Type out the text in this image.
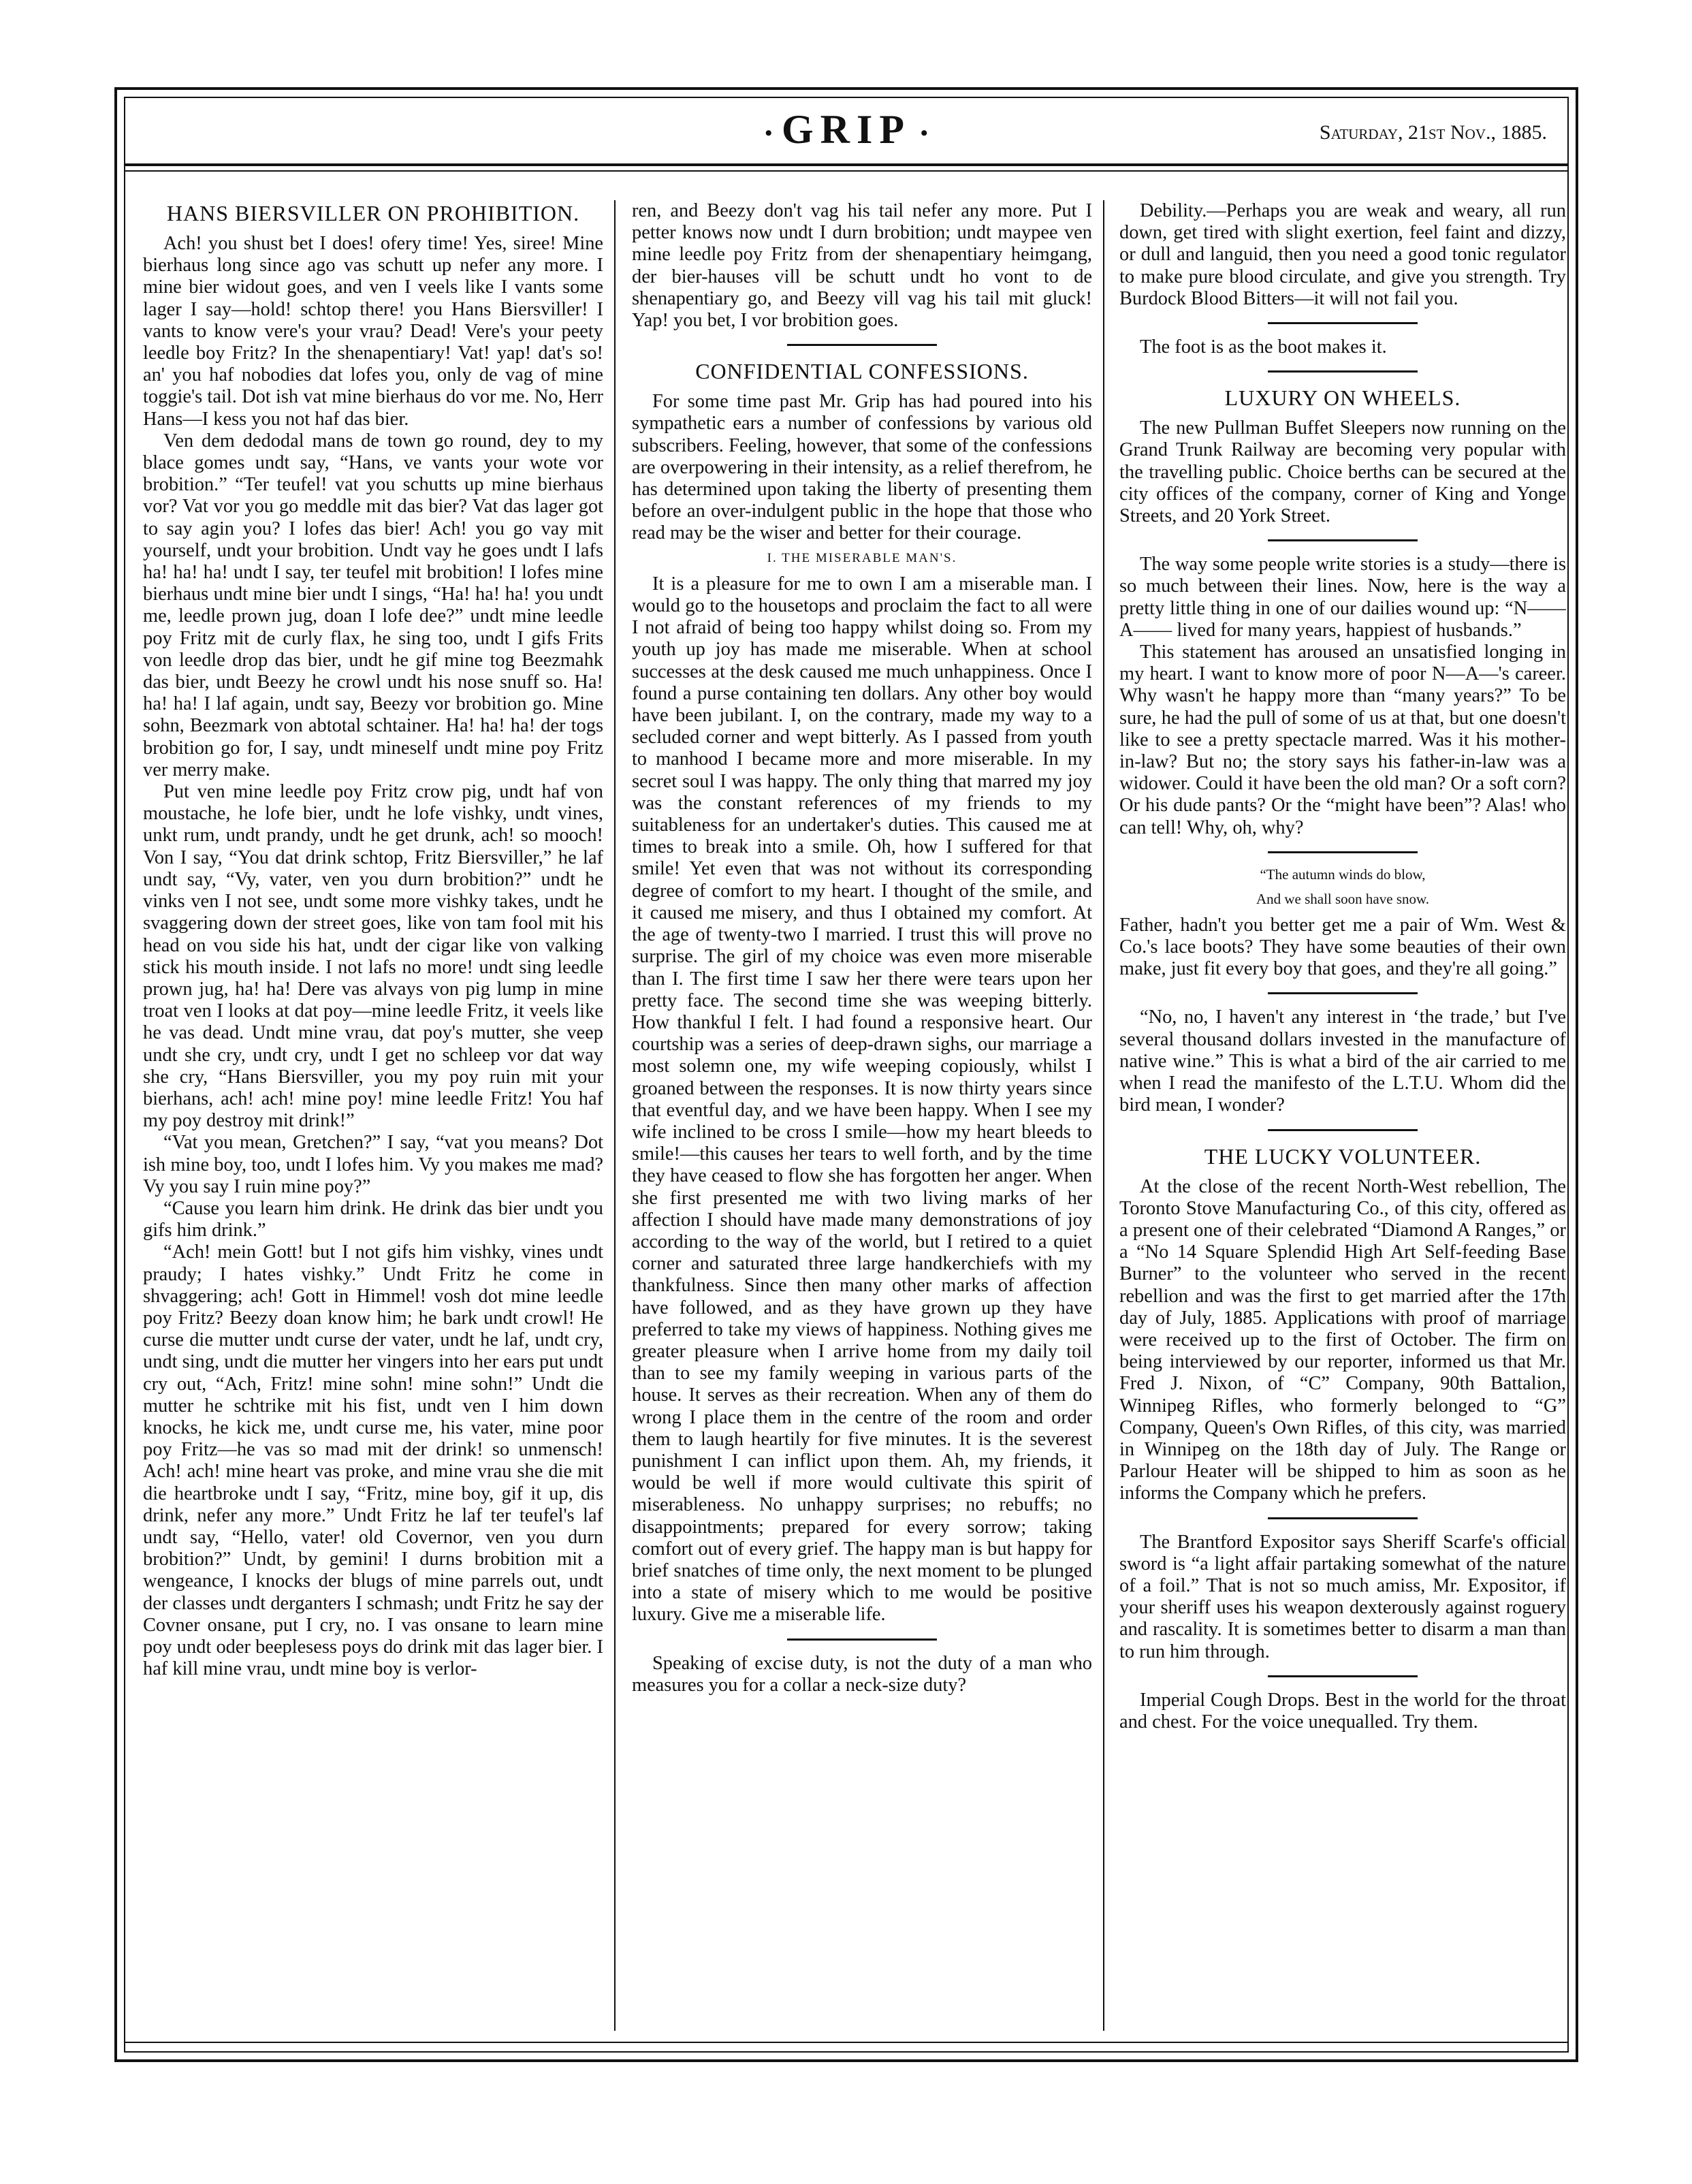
• GRIP •	Saturday, 21st Nov., 1885.
HANS BIERSVILLER ON PROHIBITION.

Ach! you shust bet I does! ofery time! Yes, siree! Mine bierhaus long since ago vas schutt up nefer any more. I mine bier widout goes, and ven I veels like I vants some lager I say—hold! schtop there! you Hans Biersviller! I vants to know vere's your vrau? Dead! Vere's your peety leedle boy Fritz? In the shenapentiary! Vat! yap! dat's so! an' you haf nobodies dat lofes you, only de vag of mine toggie's tail. Dot ish vat mine bierhaus do vor me. No, Herr Hans—I kess you not haf das bier.

Ven dem dedodal mans de town go round, dey to my blace gomes undt say, “Hans, ve vants your wote vor brobition.” “Ter teufel! vat you schutts up mine bierhaus vor? Vat vor you go meddle mit das bier? Vat das lager got to say agin you? I lofes das bier! Ach! you go vay mit yourself, undt your brobition. Undt vay he goes undt I lafs ha! ha! ha! undt I say, ter teufel mit brobition! I lofes mine bierhaus undt mine bier undt I sings, “Ha! ha! ha! you undt me, leedle prown jug, doan I lofe dee?” undt mine leedle poy Fritz mit de curly flax, he sing too, undt I gifs Frits von leedle drop das bier, undt he gif mine tog Beezmahk das bier, undt Beezy he crowl undt his nose snuff so. Ha! ha! ha! I laf again, undt say, Beezy vor brobition go. Mine sohn, Beezmark von abtotal schtainer. Ha! ha! ha! der togs brobition go for, I say, undt mineself undt mine poy Fritz ver merry make.

Put ven mine leedle poy Fritz crow pig, undt haf von moustache, he lofe bier, undt he lofe vishky, undt vines, unkt rum, undt prandy, undt he get drunk, ach! so mooch! Von I say, “You dat drink schtop, Fritz Biersviller,” he laf undt say, “Vy, vater, ven you durn brobition?” undt he vinks ven I not see, undt some more vishky takes, undt he svaggering down der street goes, like von tam fool mit his head on vou side his hat, undt der cigar like von valking stick his mouth inside. I not lafs no more! undt sing leedle prown jug, ha! ha! Dere vas alvays von pig lump in mine troat ven I looks at dat poy—mine leedle Fritz, it veels like he vas dead. Undt mine vrau, dat poy's mutter, she veep undt she cry, undt cry, undt I get no schleep vor dat way she cry, “Hans Biersviller, you my poy ruin mit your bierhans, ach! ach! mine poy! mine leedle Fritz! You haf my poy destroy mit drink!”

“Vat you mean, Gretchen?” I say, “vat you means? Dot ish mine boy, too, undt I lofes him. Vy you makes me mad? Vy you say I ruin mine poy?”

“Cause you learn him drink. He drink das bier undt you gifs him drink.”

“Ach! mein Gott! but I not gifs him vishky, vines undt praudy; I hates vishky.” Undt Fritz he come in shvaggering; ach! Gott in Himmel! vosh dot mine leedle poy Fritz? Beezy doan know him; he bark undt crowl! He curse die mutter undt curse der vater, undt he laf, undt cry, undt sing, undt die mutter her vingers into her ears put undt cry out, “Ach, Fritz! mine sohn! mine sohn!” Undt die mutter he schtrike mit his fist, undt ven I him down knocks, he kick me, undt curse me, his vater, mine poor poy Fritz—he vas so mad mit der drink! so unmensch! Ach! ach! mine heart vas proke, and mine vrau she die mit die heartbroke undt I say, “Fritz, mine boy, gif it up, dis drink, nefer any more.” Undt Fritz he laf ter teufel's laf undt say, “Hello, vater! old Covernor, ven you durn brobition?” Undt, by gemini! I durns brobition mit a wengeance, I knocks der blugs of mine parrels out, undt der classes undt derganters I schmash; undt Fritz he say der Covner onsane, put I cry, no. I vas onsane to learn mine poy undt oder beeplesess poys do drink mit das lager bier. I haf kill mine vrau, undt mine boy is verlor-

ren, and Beezy don't vag his tail nefer any more. Put I petter knows now undt I durn brobition; undt maypee ven mine leedle poy Fritz from der shenapentiary heimgang, der bier-hauses vill be schutt undt ho vont to de shenapentiary go, and Beezy vill vag his tail mit gluck! Yap! you bet, I vor brobition goes.

CONFIDENTIAL CONFESSIONS.

For some time past Mr. Grip has had poured into his sympathetic ears a number of confessions by various old subscribers. Feeling, however, that some of the confessions are overpowering in their intensity, as a relief therefrom, he has determined upon taking the liberty of presenting them before an over-indulgent public in the hope that those who read may be the wiser and better for their courage.

I. THE MISERABLE MAN'S.

It is a pleasure for me to own I am a miserable man. I would go to the housetops and proclaim the fact to all were I not afraid of being too happy whilst doing so. From my youth up joy has made me miserable. When at school successes at the desk caused me much unhappiness. Once I found a purse containing ten dollars. Any other boy would have been jubilant. I, on the contrary, made my way to a secluded corner and wept bitterly. As I passed from youth to manhood I became more and more miserable. In my secret soul I was happy. The only thing that marred my joy was the constant references of my friends to my suitableness for an undertaker's duties. This caused me at times to break into a smile. Oh, how I suffered for that smile! Yet even that was not without its corresponding degree of comfort to my heart. I thought of the smile, and it caused me misery, and thus I obtained my comfort. At the age of twenty-two I married. I trust this will prove no surprise. The girl of my choice was even more miserable than I. The first time I saw her there were tears upon her pretty face. The second time she was weeping bitterly. How thankful I felt. I had found a responsive heart. Our courtship was a series of deep-drawn sighs, our marriage a most solemn one, my wife weeping copiously, whilst I groaned between the responses. It is now thirty years since that eventful day, and we have been happy. When I see my wife inclined to be cross I smile—how my heart bleeds to smile!—this causes her tears to well forth, and by the time they have ceased to flow she has forgotten her anger. When she first presented me with two living marks of her affection I should have made many demonstrations of joy according to the way of the world, but I retired to a quiet corner and saturated three large handkerchiefs with my thankfulness. Since then many other marks of affection have followed, and as they have grown up they have preferred to take my views of happiness. Nothing gives me greater pleasure when I arrive home from my daily toil than to see my family weeping in various parts of the house. It serves as their recreation. When any of them do wrong I place them in the centre of the room and order them to laugh heartily for five minutes. It is the severest punishment I can inflict upon them. Ah, my friends, it would be well if more would cultivate this spirit of miserableness. No unhappy surprises; no rebuffs; no disappointments; prepared for every sorrow; taking comfort out of every grief. The happy man is but happy for brief snatches of time only, the next moment to be plunged into a state of misery which to me would be positive luxury. Give me a miserable life.

Speaking of excise duty, is not the duty of a man who measures you for a collar a neck-size duty?

Debility.—Perhaps you are weak and weary, all run down, get tired with slight exertion, feel faint and dizzy, or dull and languid, then you need a good tonic regulator to make pure blood circulate, and give you strength. Try Burdock Blood Bitters—it will not fail you.

The foot is as the boot makes it.

LUXURY ON WHEELS.

The new Pullman Buffet Sleepers now running on the Grand Trunk Railway are becoming very popular with the travelling public. Choice berths can be secured at the city offices of the company, corner of King and Yonge Streets, and 20 York Street.

The way some people write stories is a study—there is so much between their lines. Now, here is the way a pretty little thing in one of our dailies wound up: “N——A—— lived for many years, happiest of husbands.”

This statement has aroused an unsatisfied longing in my heart. I want to know more of poor N—A—'s career. Why wasn't he happy more than “many years?” To be sure, he had the pull of some of us at that, but one doesn't like to see a pretty spectacle marred. Was it his mother-in-law? But no; the story says his father-in-law was a widower. Could it have been the old man? Or a soft corn? Or his dude pants? Or the “might have been”? Alas! who can tell! Why, oh, why?

“The autumn winds do blow,
And we shall soon have snow.

Father, hadn't you better get me a pair of Wm. West & Co.'s lace boots? They have some beauties of their own make, just fit every boy that goes, and they're all going.”

“No, no, I haven't any interest in ‘the trade,’ but I've several thousand dollars invested in the manufacture of native wine.” This is what a bird of the air carried to me when I read the manifesto of the L.T.U. Whom did the bird mean, I wonder?

THE LUCKY VOLUNTEER.

At the close of the recent North-West rebellion, The Toronto Stove Manufacturing Co., of this city, offered as a present one of their celebrated “Diamond A Ranges,” or a “No 14 Square Splendid High Art Self-feeding Base Burner” to the volunteer who served in the recent rebellion and was the first to get married after the 17th day of July, 1885. Applications with proof of marriage were received up to the first of October. The firm on being interviewed by our reporter, informed us that Mr. Fred J. Nixon, of “C” Company, 90th Battalion, Winnipeg Rifles, who formerly belonged to “G” Company, Queen's Own Rifles, of this city, was married in Winnipeg on the 18th day of July. The Range or Parlour Heater will be shipped to him as soon as he informs the Company which he prefers.

The Brantford Expositor says Sheriff Scarfe's official sword is “a light affair partaking somewhat of the nature of a foil.” That is not so much amiss, Mr. Expositor, if your sheriff uses his weapon dexterously against roguery and rascality. It is sometimes better to disarm a man than to run him through.

Imperial Cough Drops. Best in the world for the throat and chest. For the voice unequalled. Try them.
